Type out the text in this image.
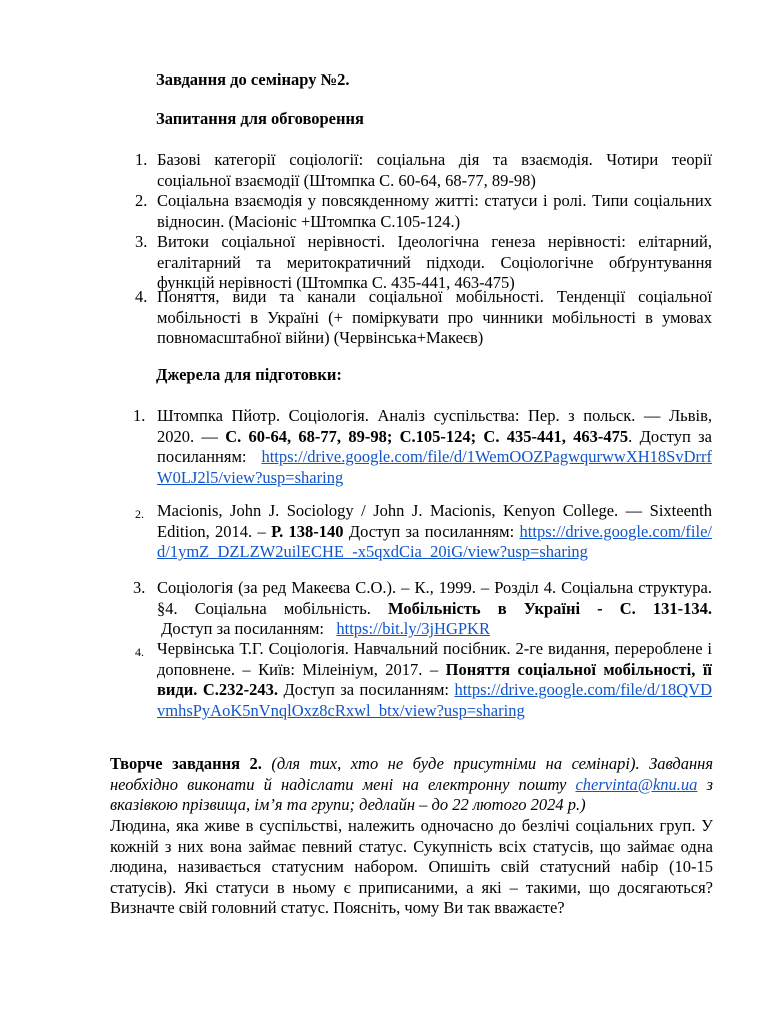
Завдання до семінару №2.
Запитання для обговорення
1. Базові категорії соціології: соціальна дія та взаємодія. Чотири теорії соціальної взаємодії (Штомпка С. 60-64, 68-77, 89-98)
2. Соціальна взаємодія у повсякденному житті: статуси і ролі. Типи соціальних відносин. (Масіоніс +Штомпка С.105-124.)
3. Витоки соціальної нерівності. Ідеологічна генеза нерівності: елітарний, егалітарний та меритократичний підходи. Соціологічне обґрунтування функцій нерівності (Штомпка С. 435-441, 463-475)
4. Поняття, види та канали соціальної мобільності. Тенденції соціальної мобільності в Україні (+ поміркувати про чинники мобільності в умовах повномасштабної війни) (Червінська+Макеєв)
Джерела для підготовки:
1. Штомпка Пйотр. Соціологія. Аналіз суспільства: Пер. з польск. — Львів, 2020. — С. 60-64, 68-77, 89-98; С.105-124; С. 435-441, 463-475. Доступ за посиланням: https://drive.google.com/file/d/1WemOOZPagwqurwwXH18SvDrrfW0LJ2l5/view?usp=sharing
2. Macionis, John J. Sociology / John J. Macionis, Kenyon College. — Sixteenth Edition, 2014. – Р. 138-140 Доступ за посиланням: https://drive.google.com/file/d/1ymZ_DZLZW2uilECHE_-x5qxdCia_20iG/view?usp=sharing
3. Соціологія (за ред Макеєва С.О.). – К., 1999. – Розділ 4. Соціальна структура. §4. Соціальна мобільність. Мобільність в Україні - С. 131-134. Доступ за посиланням:   https://bit.ly/3jHGPKR
4. Червінська Т.Г. Соціологія. Навчальний посібник. 2-ге видання, перероблене і доповнене. – Київ: Мілеініум, 2017. – Поняття соціальної мобільності, її види. С.232-243. Доступ за посиланням: https://drive.google.com/file/d/18QVDvmhsPyAoK5nVnqlOxz8cRxwl_btx/view?usp=sharing
Творче завдання 2. (для тих, хто не буде присутніми на семінарі). Завдання необхідно виконати й надіслати мені на електронну пошту chervinta@knu.ua з вказівкою прізвища, ім’я та групи; дедлайн – до 22 лютого 2024 р.)
Людина, яка живе в суспільстві, належить одночасно до безлічі соціальних груп. У кожній з них вона займає певний статус. Сукупність всіх статусів, що займає одна людина, називається статусним набором. Опишіть свій статусний набір (10-15 статусів). Які статуси в ньому є приписаними, а які – такими, що досягаються? Визначте свій головний статус. Поясніть, чому Ви так вважаєте?
